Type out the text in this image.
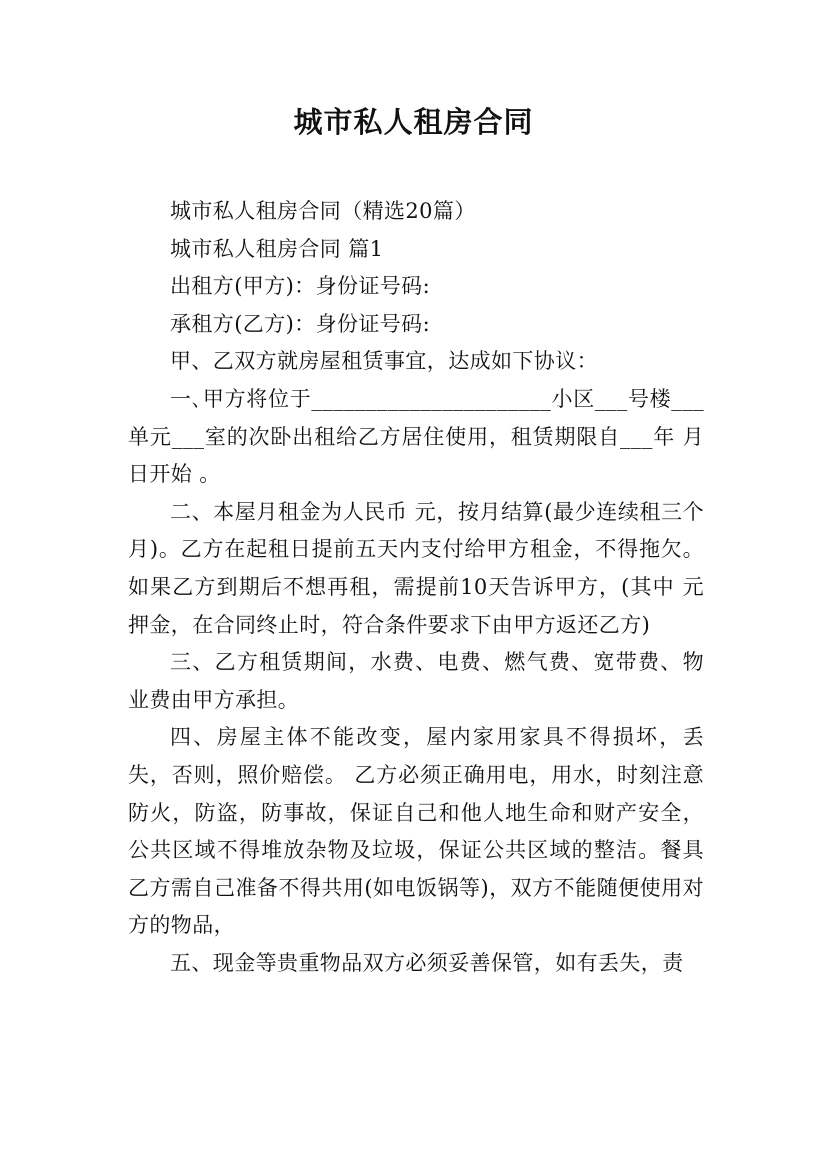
城市私人租房合同

城市私人租房合同（精选20篇）

城市私人租房合同 篇1

出租方(甲方)：身份证号码:

承租方(乙方)：身份证号码:

甲、乙双方就房屋租赁事宜，达成如下协议：

一､甲方将位于______________________小区___号楼___单元___室的次卧出租给乙方居住使用，租赁期限自___年 月 日开始 。

二、本屋月租金为人民币 元，按月结算(最少连续租三个月)。乙方在起租日提前五天内支付给甲方租金，不得拖欠。如果乙方到期后不想再租，需提前10天告诉甲方，(其中 元押金，在合同终止时，符合条件要求下由甲方返还乙方)

三、乙方租赁期间，水费、电费、燃气费、宽带费、物业费由甲方承担。

四、房屋主体不能改变，屋内家用家具不得损坏，丢失，否则，照价赔偿。 乙方必须正确用电，用水，时刻注意防火，防盗，防事故，保证自己和他人地生命和财产安全，公共区域不得堆放杂物及垃圾，保证公共区域的整洁。餐具乙方需自己准备不得共用(如电饭锅等)，双方不能随便使用对方的物品，

五、现金等贵重物品双方必须妥善保管，如有丢失，责
